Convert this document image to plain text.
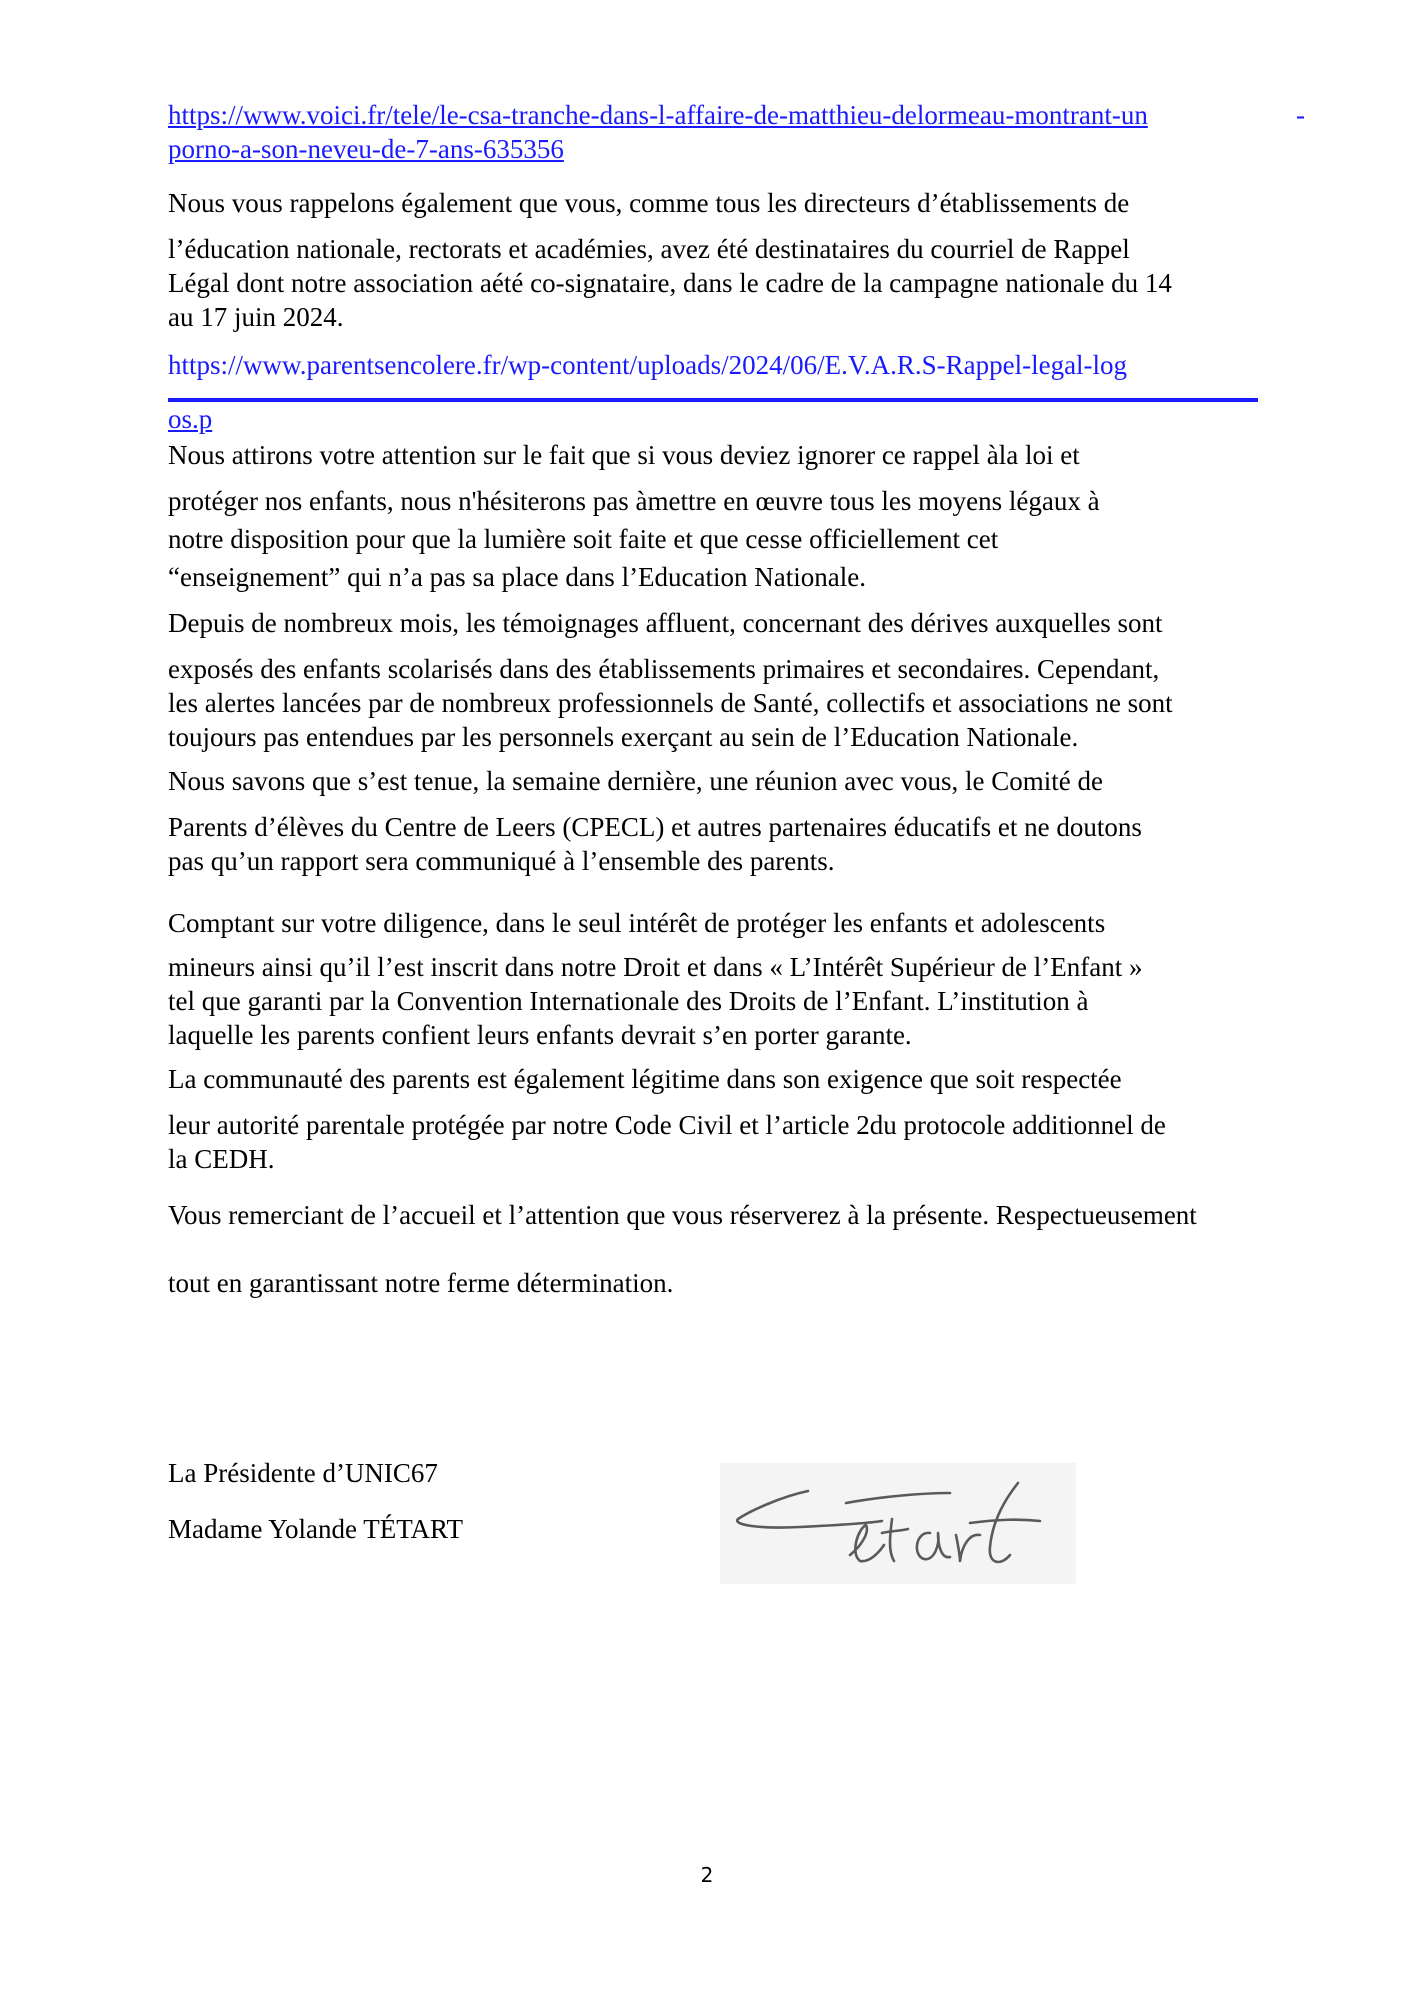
https://www.voici.fr/tele/le-csa-tranche-dans-l-affaire-de-matthieu-delormeau-montrant-un	-
porno-a-son-neveu-de-7-ans-635356
Nous vous rappelons également que vous, comme tous les directeurs d’établissements de
l’éducation nationale, rectorats et académies, avez été destinataires du courriel de Rappel
Légal dont notre association aété co-signataire, dans le cadre de la campagne nationale du 14
au 17 juin 2024.
https://www.parentsencolere.fr/wp-content/uploads/2024/06/E.V.A.R.S-Rappel-legal-log
os.p
Nous attirons votre attention sur le fait que si vous deviez ignorer ce rappel àla loi et
protéger nos enfants, nous n'hésiterons pas àmettre en œuvre tous les moyens légaux à
notre disposition pour que la lumière soit faite et que cesse officiellement cet
“enseignement” qui n’a pas sa place dans l’Education Nationale.
Depuis de nombreux mois, les témoignages affluent, concernant des dérives auxquelles sont
exposés des enfants scolarisés dans des établissements primaires et secondaires. Cependant,
les alertes lancées par de nombreux professionnels de Santé, collectifs et associations ne sont
toujours pas entendues par les personnels exerçant au sein de l’Education Nationale.
Nous savons que s’est tenue, la semaine dernière, une réunion avec vous, le Comité de
Parents d’élèves du Centre de Leers (CPECL) et autres partenaires éducatifs et ne doutons
pas qu’un rapport sera communiqué à l’ensemble des parents.
Comptant sur votre diligence, dans le seul intérêt de protéger les enfants et adolescents
mineurs ainsi qu’il l’est inscrit dans notre Droit et dans « L’Intérêt Supérieur de l’Enfant »
tel que garanti par la Convention Internationale des Droits de l’Enfant. L’institution à
laquelle les parents confient leurs enfants devrait s’en porter garante.
La communauté des parents est également légitime dans son exigence que soit respectée
leur autorité parentale protégée par notre Code Civil et l’article 2du protocole additionnel de
la CEDH.
Vous remerciant de l’accueil et l’attention que vous réserverez à la présente. Respectueusement
tout en garantissant notre ferme détermination.
La Présidente d’UNIC67
Madame Yolande TÉTART
2
